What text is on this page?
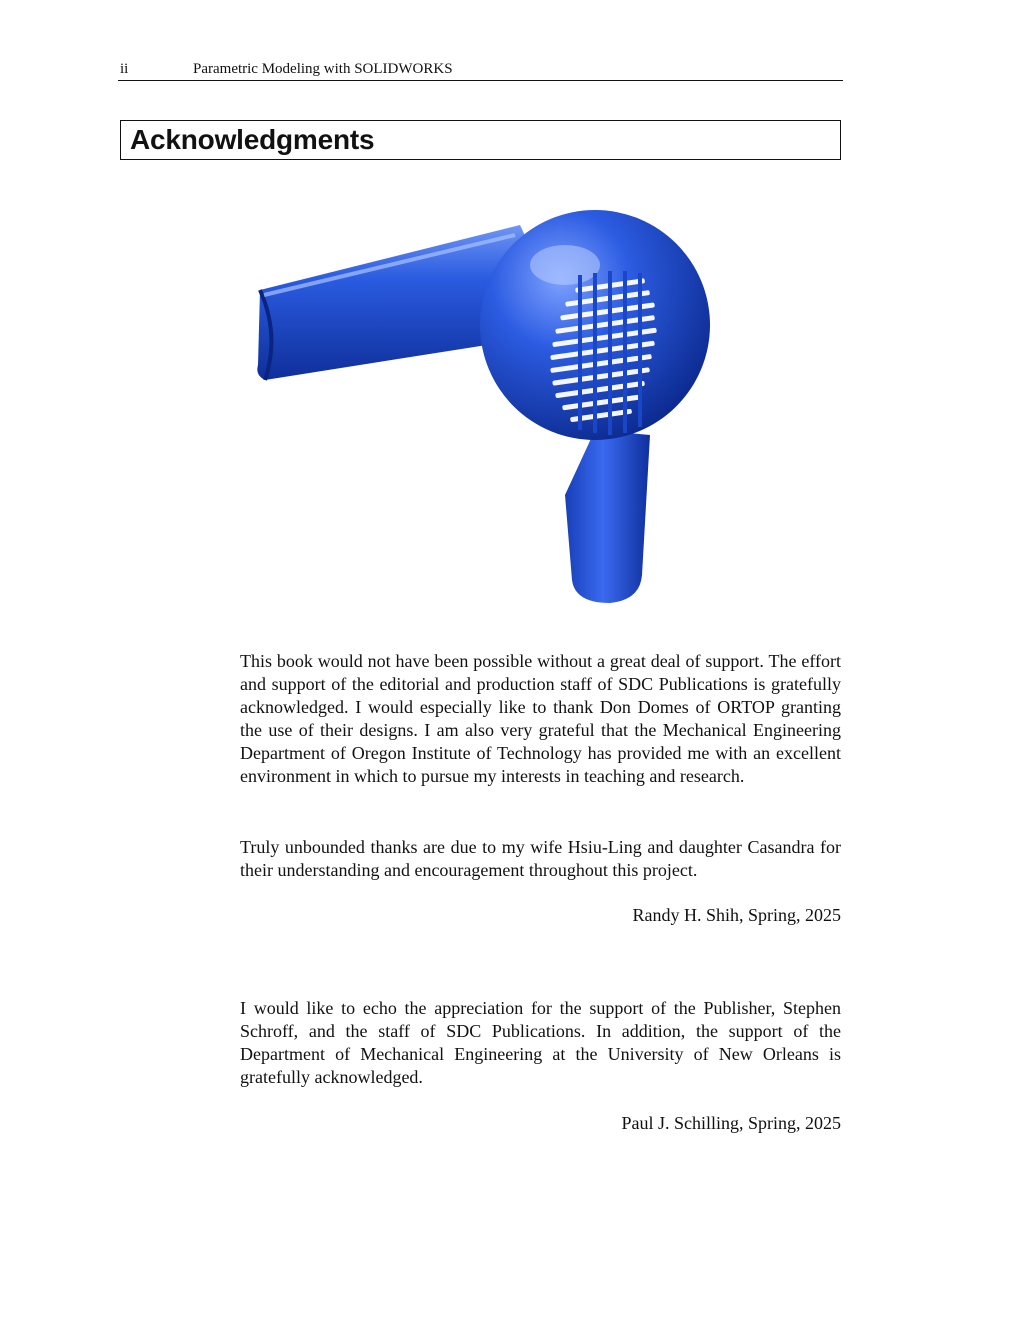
ii	Parametric Modeling with SOLIDWORKS
Acknowledgments

This book would not have been possible without a great deal of support. The effort and support of the editorial and production staff of SDC Publications is gratefully acknowledged. I would especially like to thank Don Domes of ORTOP granting the use of their designs. I am also very grateful that the Mechanical Engineering Department of Oregon Institute of Technology has provided me with an excellent environment in which to pursue my interests in teaching and research.

Truly unbounded thanks are due to my wife Hsiu-Ling and daughter Casandra for their understanding and encouragement throughout this project.

Randy H. Shih, Spring, 2025

I would like to echo the appreciation for the support of the Publisher, Stephen Schroff, and the staff of SDC Publications. In addition, the support of the Department of Mechanical Engineering at the University of New Orleans is gratefully acknowledged.

Paul J. Schilling, Spring, 2025
